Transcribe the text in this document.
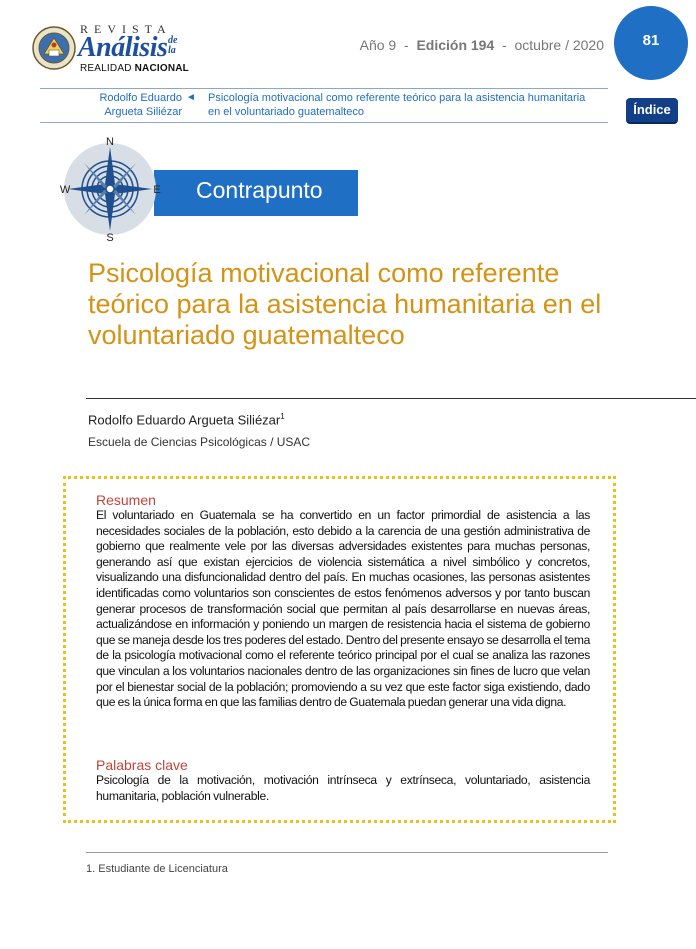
REVISTA
Análisis de la
REALIDAD NACIONAL
Año 9 - Edición 194 - octubre / 2020	81
Rodolfo Eduardo Argueta Siliézar
◄ Psicología motivacional como referente teórico para la asistencia humanitaria en el voluntariado guatemalteco	Índice
Contrapunto
N
S
E
W
Psicología motivacional como referente teórico para la asistencia humanitaria en el voluntariado guatemalteco
Rodolfo Eduardo Argueta Siliézar$^1$
Escuela de Ciencias Psicológicas / USAC
Resumen
El voluntariado en Guatemala se ha convertido en un factor primordial de asistencia a las necesidades sociales de la población, esto debido a la carencia de una gestión administrativa de gobierno que realmente vele por las diversas adversidades existentes para muchas personas, generando así que existan ejercicios de violencia sistemática a nivel simbólico y concretos, visualizando una disfuncionalidad dentro del país. En muchas ocasiones, las personas asistentes identificadas como voluntarios son conscientes de estos fenómenos adversos y por tanto buscan generar procesos de transformación social que permitan al país desarrollarse en nuevas áreas, actualizándose en información y poniendo un margen de resistencia hacia el sistema de gobierno que se maneja desde los tres poderes del estado. Dentro del presente ensayo se desarrolla el tema de la psicología motivacional como el referente teórico principal por el cual se analiza las razones que vinculan a los voluntarios nacionales dentro de las organizaciones sin fines de lucro que velan por el bienestar social de la población; promoviendo a su vez que este factor siga existiendo, dado que es la única forma en que las familias dentro de Guatemala puedan generar una vida digna.
Palabras clave
Psicología de la motivación, motivación intrínseca y extrínseca, voluntariado, asistencia humanitaria, población vulnerable.
1. Estudiante de Licenciatura
